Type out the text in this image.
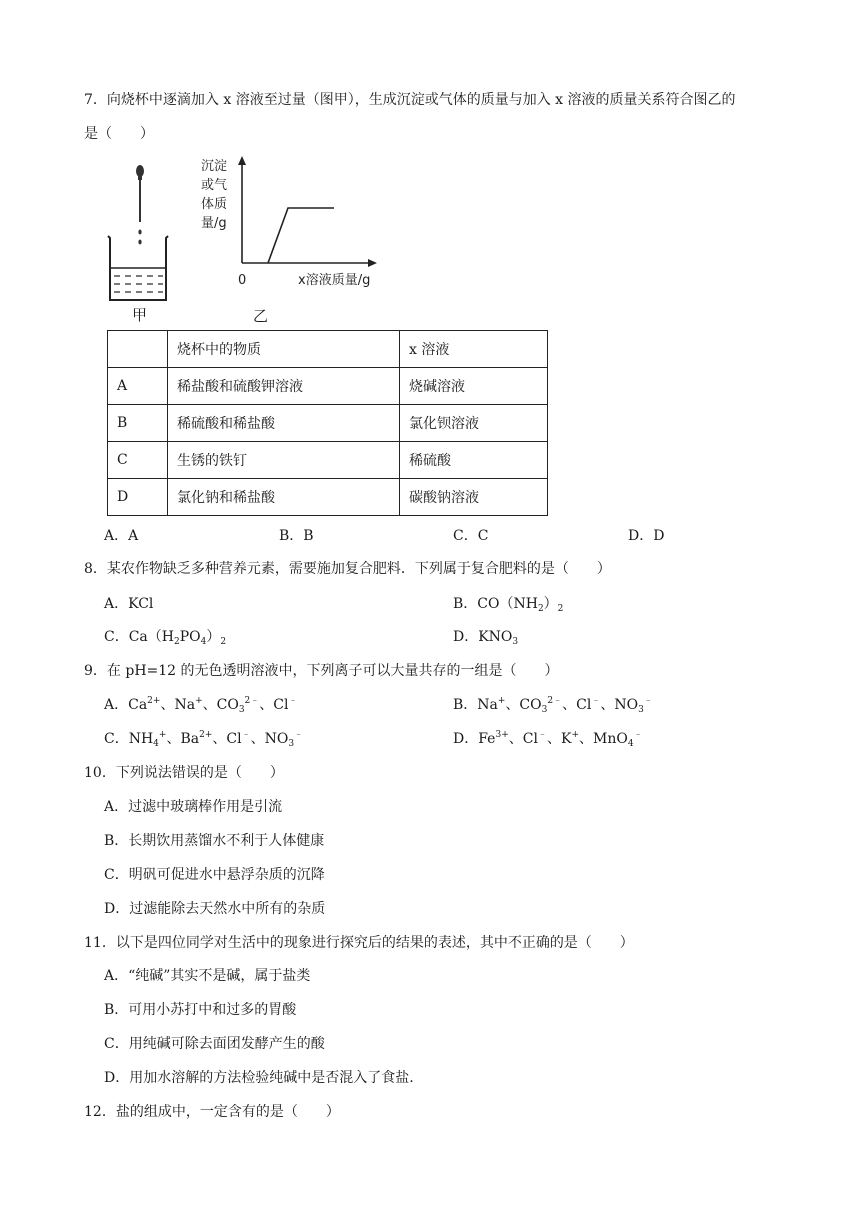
7．向烧杯中逐滴加入 x 溶液至过量（图甲），生成沉淀或气体的质量与加入 x 溶液的质量关系符合图乙的
是（　　）
甲
沉淀
或气
体质
量/g
0	x溶液质量/g
乙
	烧杯中的物质	x 溶液
A	稀盐酸和硫酸钾溶液	烧碱溶液
B	稀硫酸和稀盐酸	氯化钡溶液
C	生锈的铁钉	稀硫酸
D	氯化钠和稀盐酸	碳酸钠溶液
A．A	B．B	C．C	D．D
8．某农作物缺乏多种营养元素，需要施加复合肥料．下列属于复合肥料的是（　　）
A．KCl	B．$CO(NH_2)_2$
C．$Ca(H_2PO_4)_2$	D．$KNO_3$
9．在 pH=12 的无色透明溶液中，下列离子可以大量共存的一组是（　　）
A．$Ca^{2+}$、Na+、$CO_3^{2﹣}$、Cl﹣	B．Na+、$CO_3^{2﹣}$、Cl﹣、$NO_3^﹣$
C．$NH_4^+$、$Ba^{2+}$、Cl﹣、$NO_3^﹣$	D．$Fe^{3+}$、Cl﹣、K+、MnO$_4$﹣
10．下列说法错误的是（　　）
A．过滤中玻璃棒作用是引流
B．长期饮用蒸馏水不利于人体健康
C．明矾可促进水中悬浮杂质的沉降
D．过滤能除去天然水中所有的杂质
11．以下是四位同学对生活中的现象进行探究后的结果的表述，其中不正确的是（　　）
A．“纯碱”其实不是碱，属于盐类
B．可用小苏打中和过多的胃酸
C．用纯碱可除去面团发酵产生的酸
D．用加水溶解的方法检验纯碱中是否混入了食盐.
12．盐的组成中，一定含有的是（　　）
